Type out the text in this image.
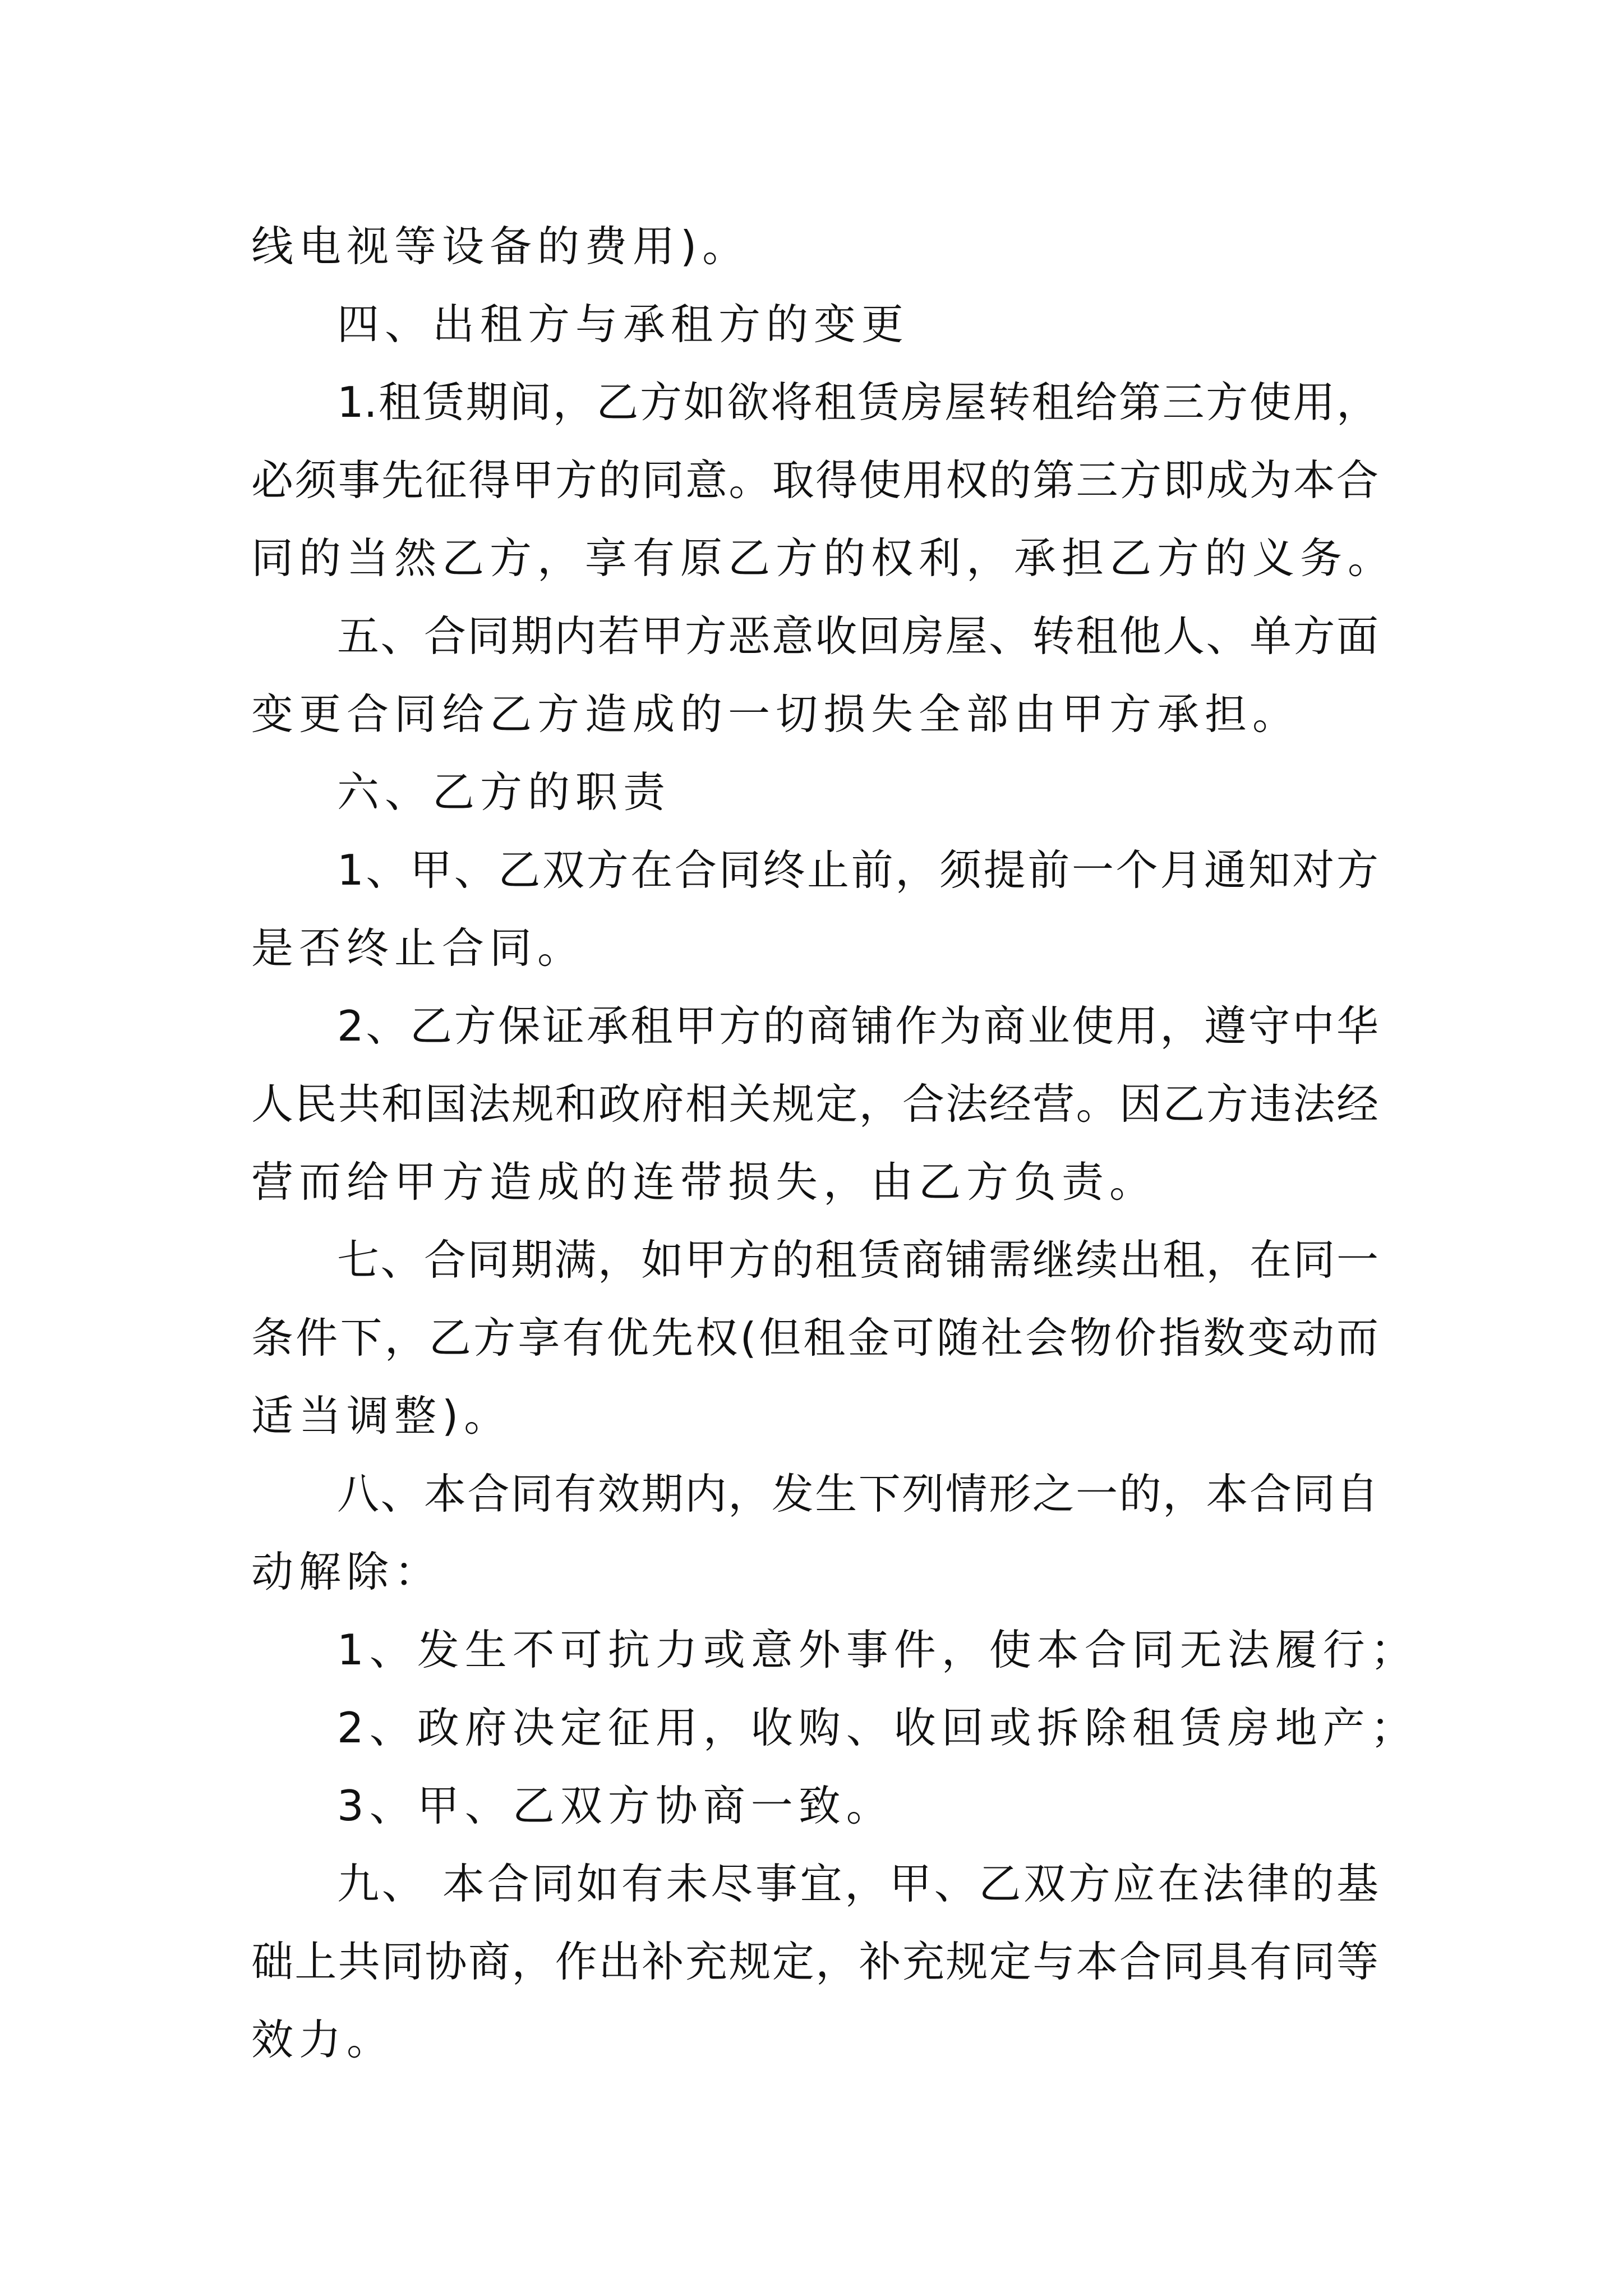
线电视等设备的费用)。
四、出租方与承租方的变更
1.租赁期间，乙方如欲将租赁房屋转租给第三方使用，
必须事先征得甲方的同意。取得使用权的第三方即成为本合
同的当然乙方，享有原乙方的权利，承担乙方的义务。
五、合同期内若甲方恶意收回房屋、转租他人、单方面
变更合同给乙方造成的一切损失全部由甲方承担。
六、乙方的职责
1、甲、乙双方在合同终止前，须提前一个月通知对方
是否终止合同。
2、乙方保证承租甲方的商铺作为商业使用，遵守中华
人民共和国法规和政府相关规定，合法经营。因乙方违法经
营而给甲方造成的连带损失，由乙方负责。
七、合同期满，如甲方的租赁商铺需继续出租，在同一
条件下，乙方享有优先权(但租金可随社会物价指数变动而
适当调整)。
八、本合同有效期内，发生下列情形之一的，本合同自
动解除：
1、发生不可抗力或意外事件，使本合同无法履行；
2、政府决定征用，收购、收回或拆除租赁房地产；
3、甲、乙双方协商一致。
九、 本合同如有未尽事宜，甲、乙双方应在法律的基
础上共同协商，作出补充规定，补充规定与本合同具有同等
效力。
